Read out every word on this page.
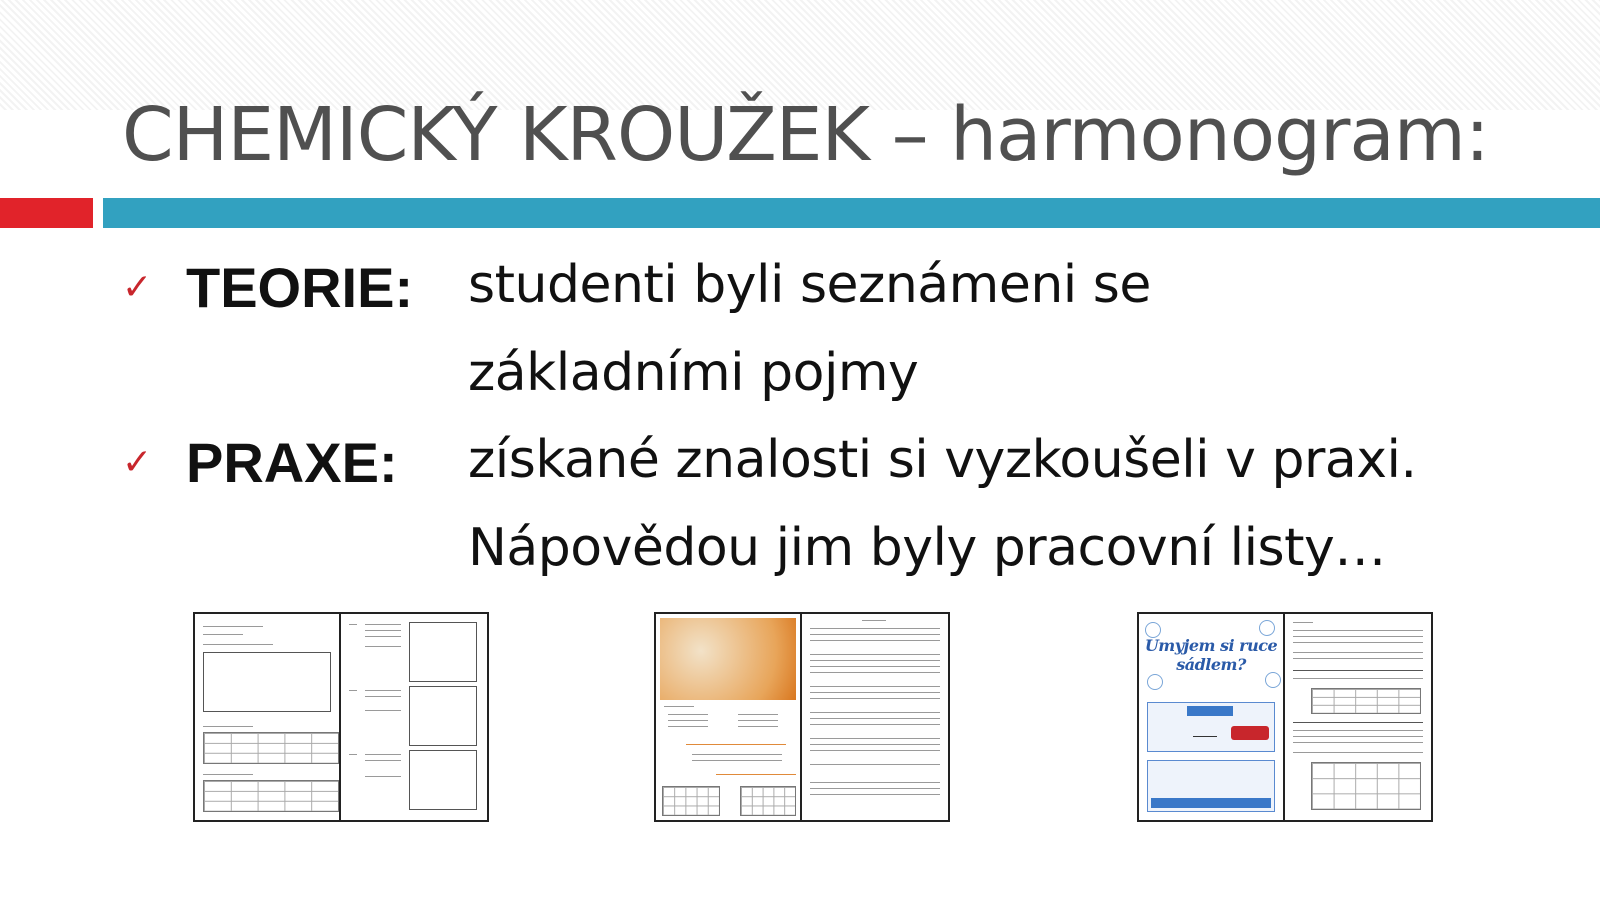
CHEMICKÝ KROUŽEK – harmonogram:
✓ TEORIE: studenti byli seznámeni se
základními pojmy
✓ PRAXE: získané znalosti si vyzkoušeli v praxi.
Nápovědou jim byly pracovní listy…
Umyjem si ruce sádlem?
